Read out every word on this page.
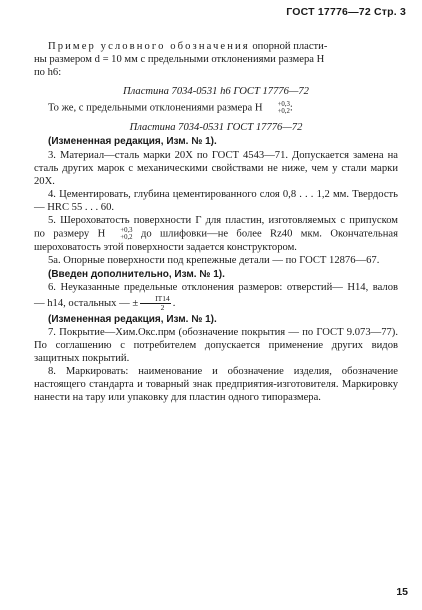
ГОСТ 17776—72 Стр. 3

Пример условного обозначения опорной пласти-

ны размером d = 10 мм с предельными отклонениями размера H

по h6:

Пластина 7034-0531 h6 ГОСТ 17776—72

То же, с предельными отклонениями размера H	+0,3
+0,2 :

Пластина 7034-0531 ГОСТ 17776—72

(Измененная редакция, Изм. № 1).

3. Материал—сталь марки 20Х по ГОСТ 4543—71. Допускается замена на сталь других марок с механическими свойствами не ниже, чем у стали марки 20Х.

4. Цементировать, глубина цементированного слоя 0,8 . . . 1,2 мм. Твердость — HRC 55 . . . 60.

5. Шероховатость поверхности Г для пластин, изготовляемых с припуском по размеру H	+0,3
+0,2 до шлифовки—не более Rz40 мкм. Окончательная шероховатость этой поверхности задается конструктором.

5а. Опорные поверхности под крепежные детали — по ГОСТ 12876—67.

(Введен дополнительно, Изм. № 1).

6. Неуказанные предельные отклонения размеров: отверстий— H14, валов — h14, остальных — ± $\frac{IT14}{2}$ .

(Измененная редакция, Изм. № 1).

7. Покрытие—Хим.Окс.прм (обозначение покрытия — по ГОСТ 9.073—77). По соглашению с потребителем допускается применение других видов защитных покрытий.

8. Маркировать: наименование и обозначение изделия, обозначение настоящего стандарта и товарный знак предприятия-изготовителя. Маркировку нанести на тару или упаковку для пластин одного типоразмера.

15
